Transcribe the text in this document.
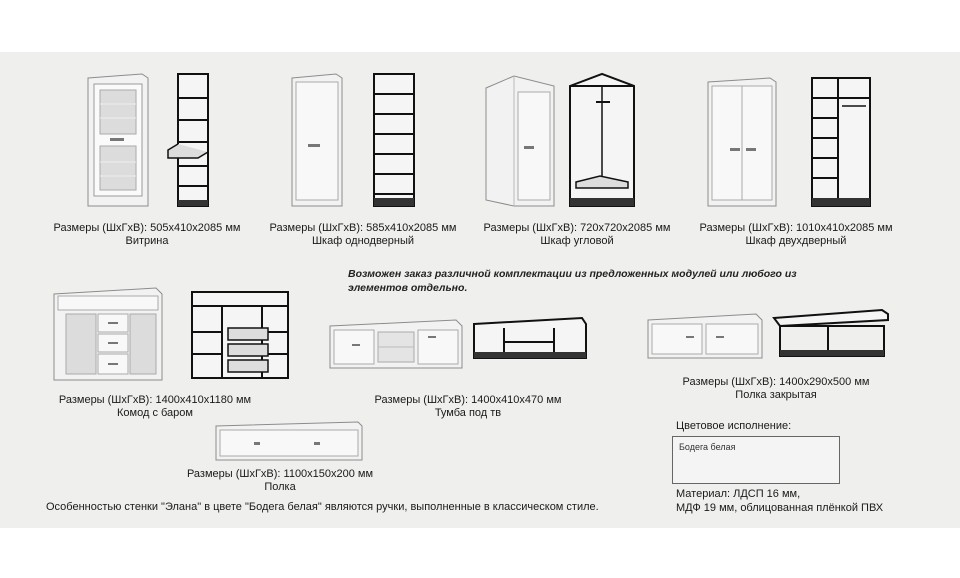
Размеры (ШхГхВ): 505x410x2085 мм
Витрина
Размеры (ШхГхВ): 585x410x2085 мм
Шкаф однодверный
Размеры (ШхГхВ): 720x720x2085 мм
Шкаф угловой
Размеры (ШхГхВ): 1010x410x2085 мм
Шкаф двухдверный
Размеры (ШхГхВ): 1400x410x1180 мм
Комод с баром
Размеры (ШхГхВ): 1400x410x470 мм
Тумба под тв
Размеры (ШхГхВ): 1400x290x500 мм
Полка закрытая
Размеры (ШхГхВ): 1100x150x200 мм
Полка
Возможен заказ различной комплектации из предложенных модулей или любого из элементов отдельно.
Цветовое исполнение:
Бодега белая
Материал: ЛДСП 16 мм,
МДФ 19 мм, облицованная плёнкой ПВХ
Особенностью стенки "Элана" в цвете "Бодега белая" являются ручки, выполненные в классическом стиле.
